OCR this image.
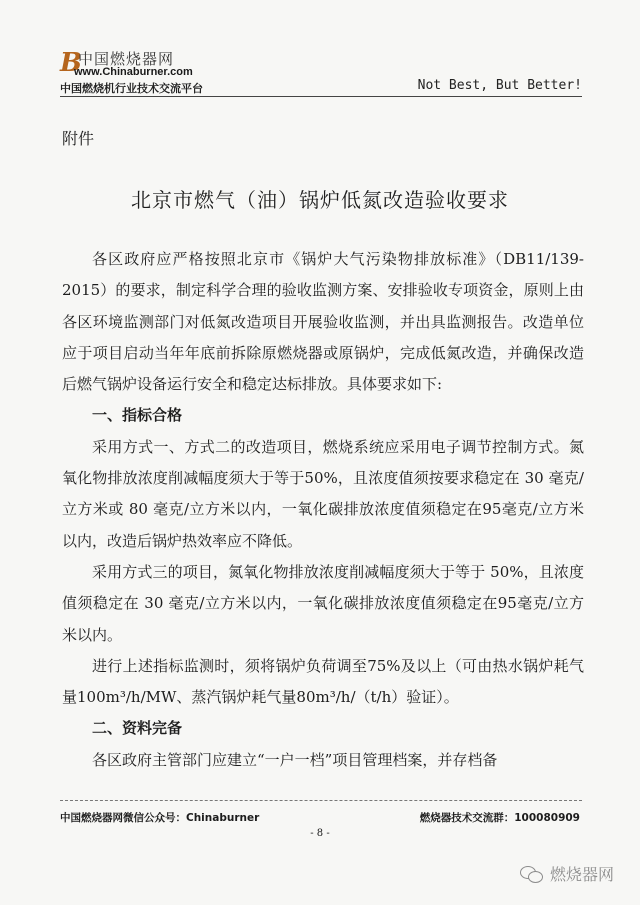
B
中国燃烧器网
www.Chinaburner.com
中国燃烧机行业技术交流平台	Not Best, But Better!
附件
北京市燃气（油）锅炉低氮改造验收要求

各区政府应严格按照北京市《锅炉大气污染物排放标准》（DB11/139-2015）的要求，制定科学合理的验收监测方案、安排验收专项资金，原则上由各区环境监测部门对低氮改造项目开展验收监测，并出具监测报告。改造单位应于项目启动当年年底前拆除原燃烧器或原锅炉，完成低氮改造，并确保改造后燃气锅炉设备运行安全和稳定达标排放。具体要求如下:

一、指标合格

采用方式一、方式二的改造项目，燃烧系统应采用电子调节控制方式。氮氧化物排放浓度削减幅度须大于等于50%，且浓度值须按要求稳定在 30 毫克/立方米或 80 毫克/立方米以内，一氧化碳排放浓度值须稳定在95毫克/立方米以内，改造后锅炉热效率应不降低。

采用方式三的项目，氮氧化物排放浓度削减幅度须大于等于 50%，且浓度值须稳定在 30 毫克/立方米以内，一氧化碳排放浓度值须稳定在95毫克/立方米以内。

进行上述指标监测时，须将锅炉负荷调至75%及以上（可由热水锅炉耗气量100m³/h/MW、蒸汽锅炉耗气量80m³/h/（t/h）验证）。

二、资料完备

各区政府主管部门应建立“一户一档”项目管理档案，并存档备

中国燃烧器网微信公众号：Chinaburner	燃烧器技术交流群：100080909
- 8 -
燃烧器网
